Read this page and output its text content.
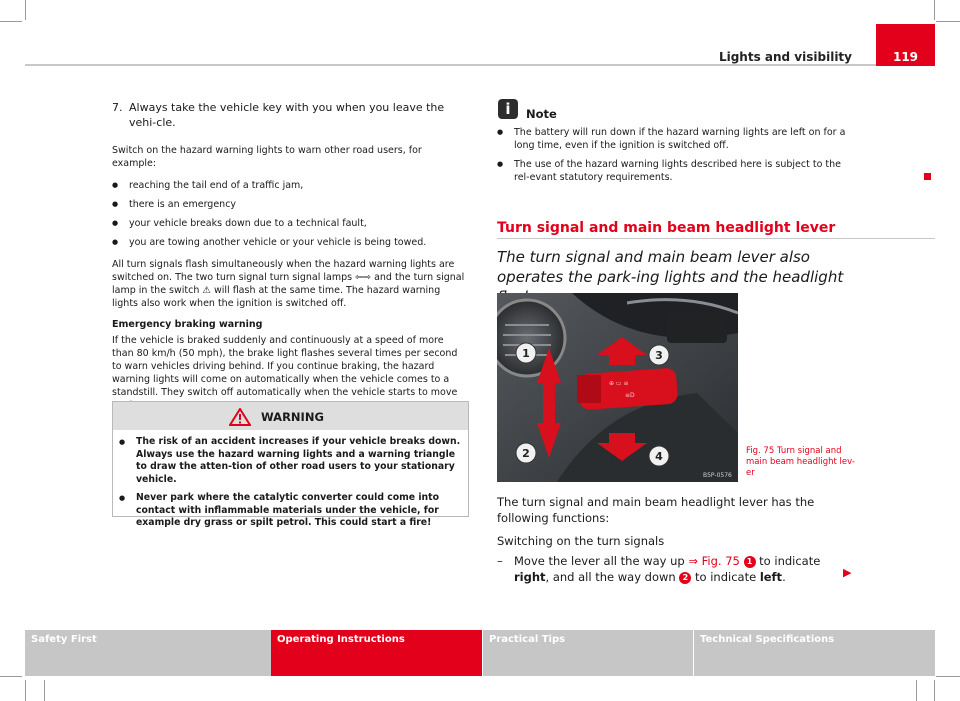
Lights and visibility	119
7. Always take the vehicle key with you when you leave the vehi-cle.

Switch on the hazard warning lights to warn other road users, for example:

● reaching the tail end of a traffic jam,
● there is an emergency
● your vehicle breaks down due to a technical fault,
● you are towing another vehicle or your vehicle is being towed.

All turn signals flash simultaneously when the hazard warning lights are switched on. The two turn signal turn signal lamps ⇦⇨ and the turn signal lamp in the switch ⚠ will flash at the same time. The hazard warning lights also work when the ignition is switched off.

Emergency braking warning

If the vehicle is braked suddenly and continuously at a speed of more than 80 km/h (50 mph), the brake light flashes several times per second to warn vehicles driving behind. If you continue braking, the hazard warning lights will come on automatically when the vehicle comes to a standstill. They switch off automatically when the vehicle starts to move

WARNING
● The risk of an accident increases if your vehicle breaks down. Always use the hazard warning lights and a warning triangle to draw the atten-tion of other road users to your stationary vehicle.
● Never park where the catalytic converter could come into contact with inflammable materials under the vehicle, for example dry grass or spilt petrol. This could start a fire!
i	Note
● The battery will run down if the hazard warning lights are left on for a long time, even if the ignition is switched off.
● The use of the hazard warning lights described here is subject to the rel-evant statutory requirements.
Turn signal and main beam headlight lever
The turn signal and main beam lever also operates the park-ing lights and the headlight
⊕ ▭ ≡
≡D
1	3
2	4
B5P-0576
Fig. 75 Turn signal and main beam headlight lev-er

The turn signal and main beam headlight lever has the following functions:

Switching on the turn signals

– Move the lever all the way up ⇒ Fig. 75 1 to indicate right, and all the way down 2 to indicate left.	▶
Safety First	Operating Instructions	Practical Tips	Technical Specifications
